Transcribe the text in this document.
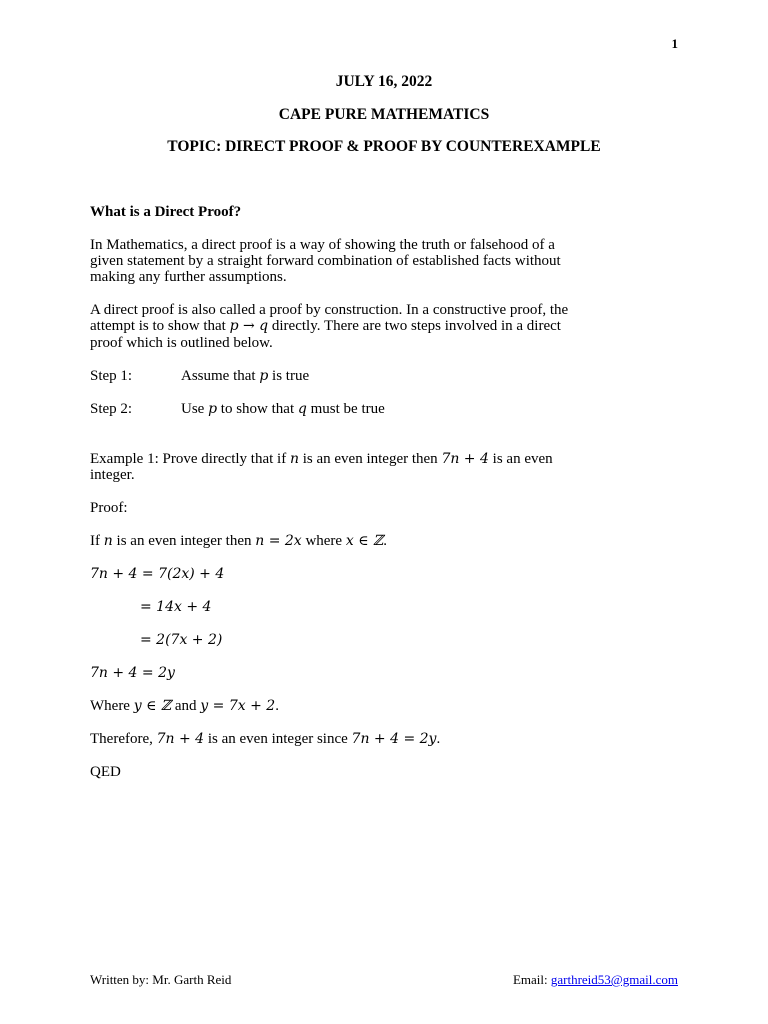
1
JULY 16, 2022
CAPE PURE MATHEMATICS
TOPIC: DIRECT PROOF & PROOF BY COUNTEREXAMPLE
What is a Direct Proof?
In Mathematics, a direct proof is a way of showing the truth or falsehood of a
given statement by a straight forward combination of established facts without
making any further assumptions.
A direct proof is also called a proof by construction. In a constructive proof, the
attempt is to show that p → q directly. There are two steps involved in a direct
proof which is outlined below.
Step 1:	Assume that p is true
Step 2:	Use p to show that q must be true
Example 1: Prove directly that if n is an even integer then 7n + 4 is an even
integer.
Proof:
If n is an even integer then n = 2x where x ∈ ℤ.
7n + 4 = 7(2x) + 4
= 14x + 4
= 2(7x + 2)
7n + 4 = 2y
Where y ∈ ℤ and y = 7x + 2.
Therefore, 7n + 4 is an even integer since 7n + 4 = 2y.
QED
Written by: Mr. Garth Reid	Email: garthreid53@gmail.com
